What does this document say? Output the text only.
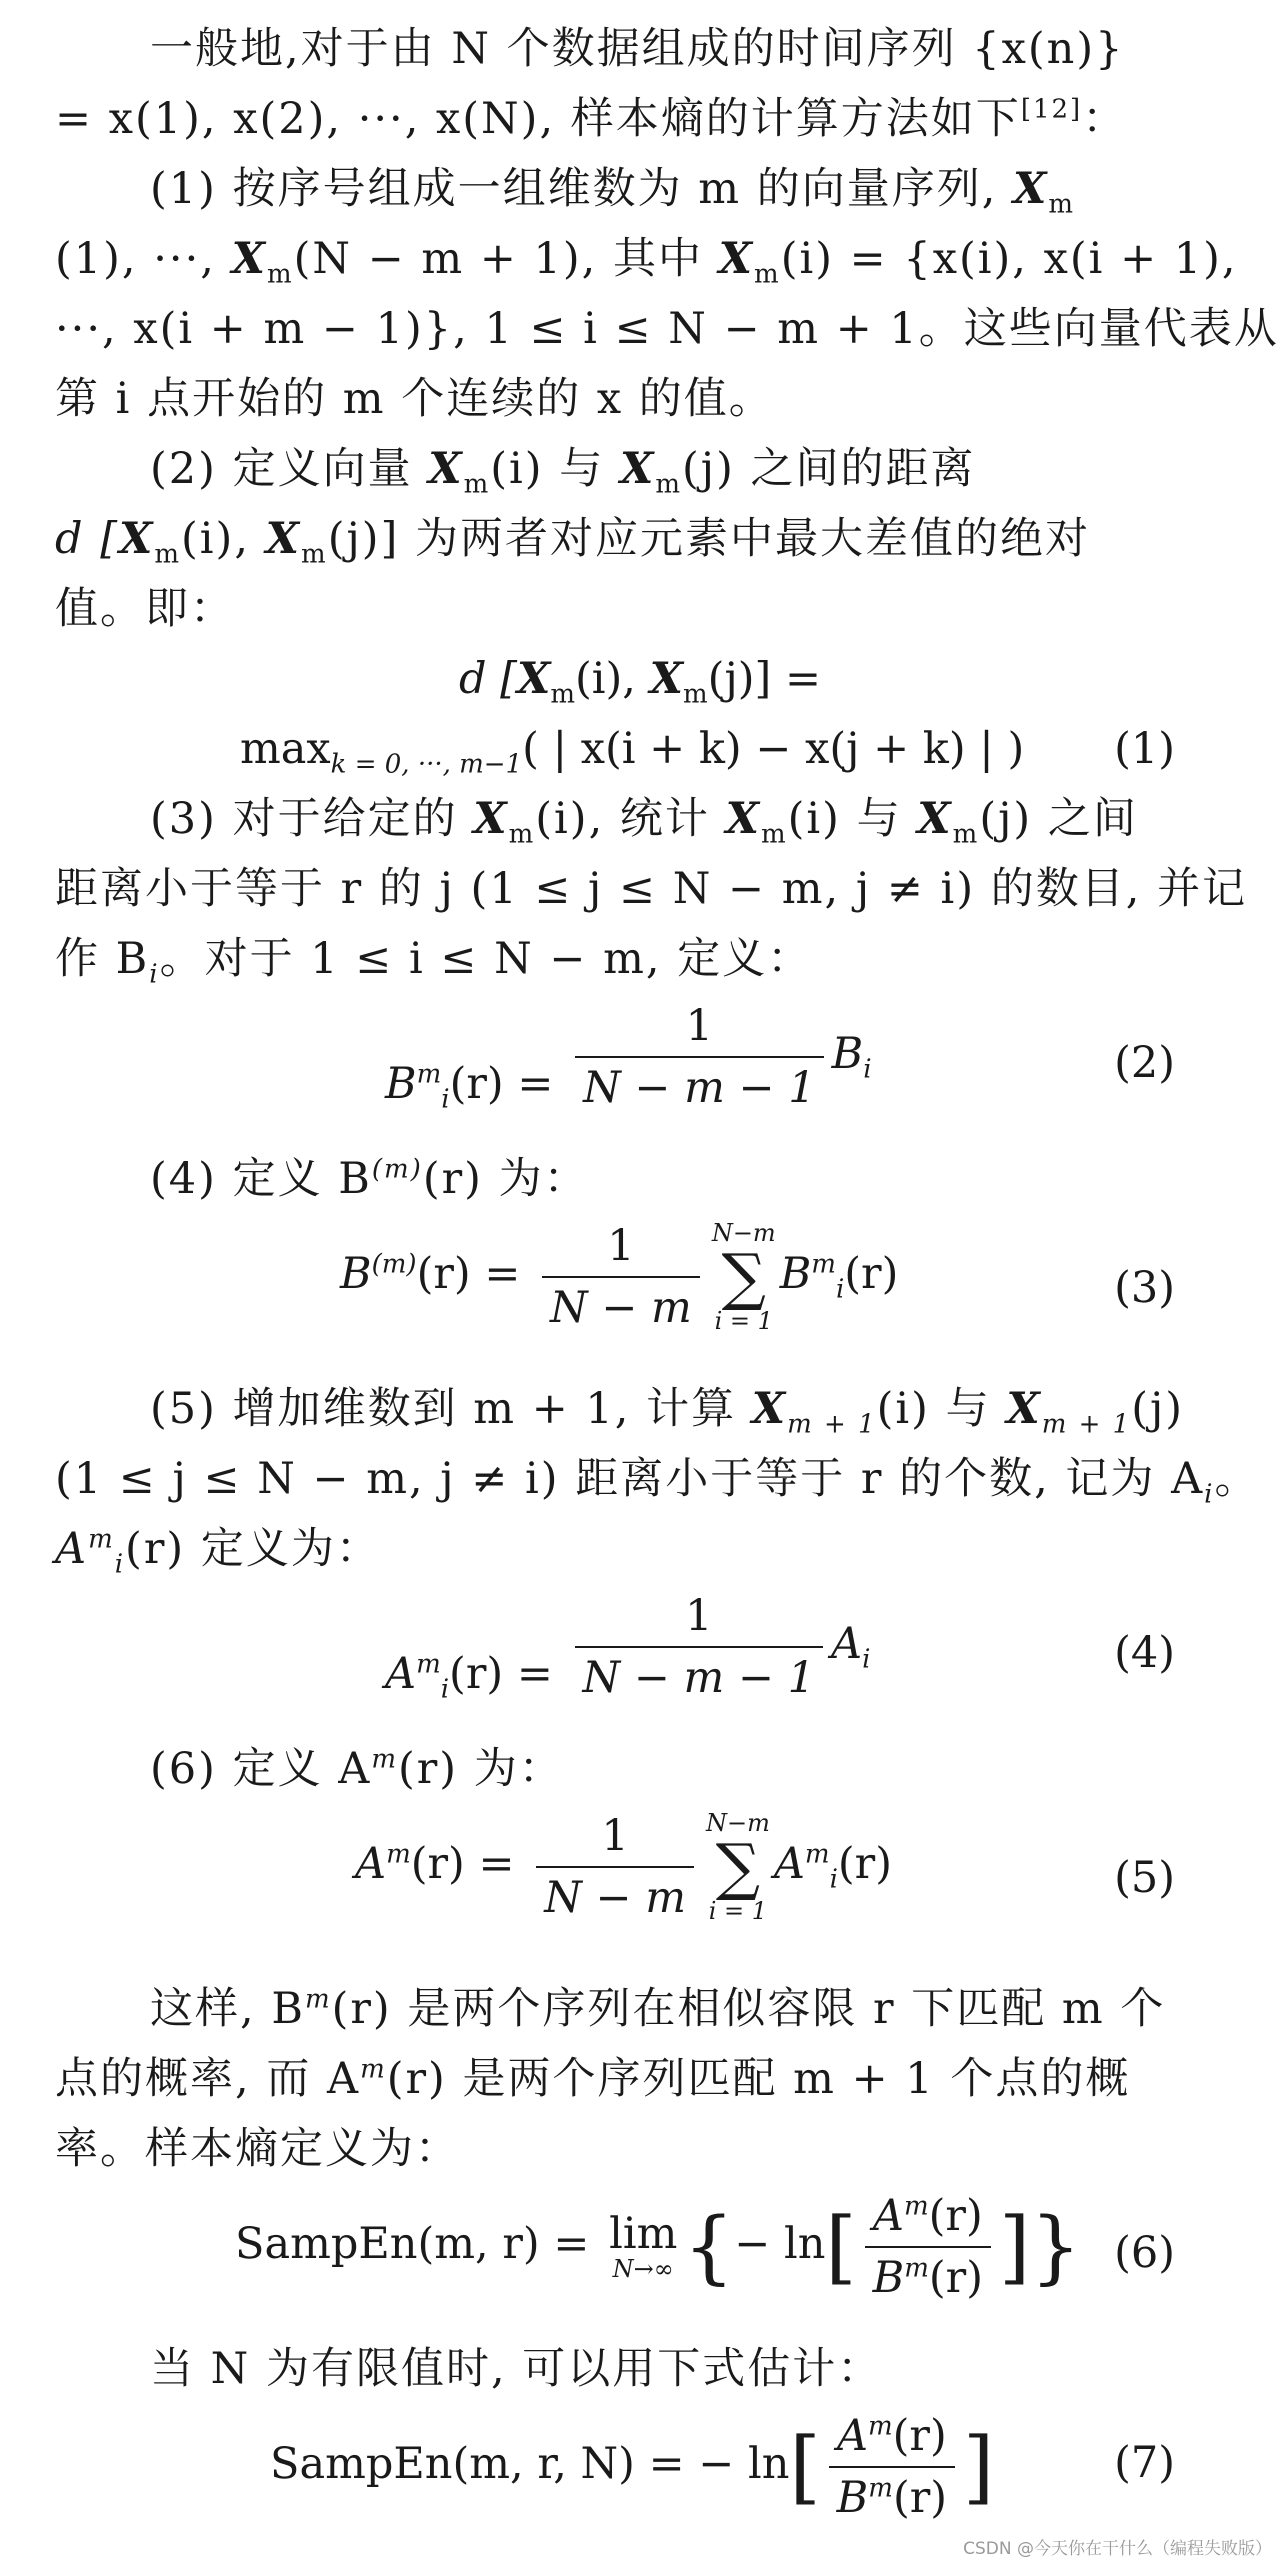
一般地,对于由 N 个数据组成的时间序列 {x(n)}
= x(1), x(2), ···, x(N), 样本熵的计算方法如下[12]：
(1) 按序号组成一组维数为 m 的向量序列, $X_m$
(1), ···, $X_m(N - m + 1)$, 其中 $X_m(i) = \{x(i)$, x(i + 1),
···, x(i + m − 1)}, 1 ≤ i ≤ N − m + 1。这些向量代表从
第 i 点开始的 m 个连续的 x 的值。
(2) 定义向量 $X_m(i)$ 与 $X_m(j)$ 之间的距离
d [$X_m(i)$, $X_m(j)$] 为两者对应元素中最大差值的绝对
值。即：
d [$X_m(i)$, $X_m(j)$] =
$\max_{k = 0, \cdot\cdot\cdot, m-1}$( | x(i + k) − x(j + k) | ) (1)
(3) 对于给定的 $X_m(i)$, 统计 $X_m(i)$ 与 $X_m(j)$ 之间
距离小于等于 r 的 j (1 ≤ j ≤ N − m, j ≠ i) 的数目, 并记
作 $B_i$。对于 1 ≤ i ≤ N − m, 定义：
$B^m_i(r) = \frac{1}{N - m - 1} B_i$	(2)
(4) 定义 $B^{(m)}(r)$ 为：
$B^{(m)}(r) = \frac{1}{N - m} N-m$
∑
i = 1
$B^m_i(r)$	(3)
(5) 增加维数到 m + 1, 计算 $X_{m + 1}(i)$ 与 $X_{m + 1}(j)$
(1 ≤ j ≤ N − m, j ≠ i) 距离小于等于 r 的个数, 记为 $A_i$。
$A^m_i(r)$ 定义为：
$A^m_i(r) = \frac{1}{N - m - 1} A_i$	(4)
(6) 定义 $A^m(r)$ 为：
$A^m(r) = \frac{1}{N - m} N-m$
∑
i = 1
$A^m_i(r)$	(5)
这样, $B^m(r)$ 是两个序列在相似容限 r 下匹配 m 个
点的概率, 而 $A^m(r)$ 是两个序列匹配 m + 1 个点的概
率。样本熵定义为：
SampEn(m, r) = lim
N→∞ {− $\ln[ \frac{A^m(r)}{B^m(r)}$ ]} (6)
当 N 为有限值时, 可以用下式估计：
SampEn(m, r, N) = − $\ln[ \frac{A^m(r)}{B^m(r)}$ ]	(7)
CSDN @今天你在干什么（编程失败版）
